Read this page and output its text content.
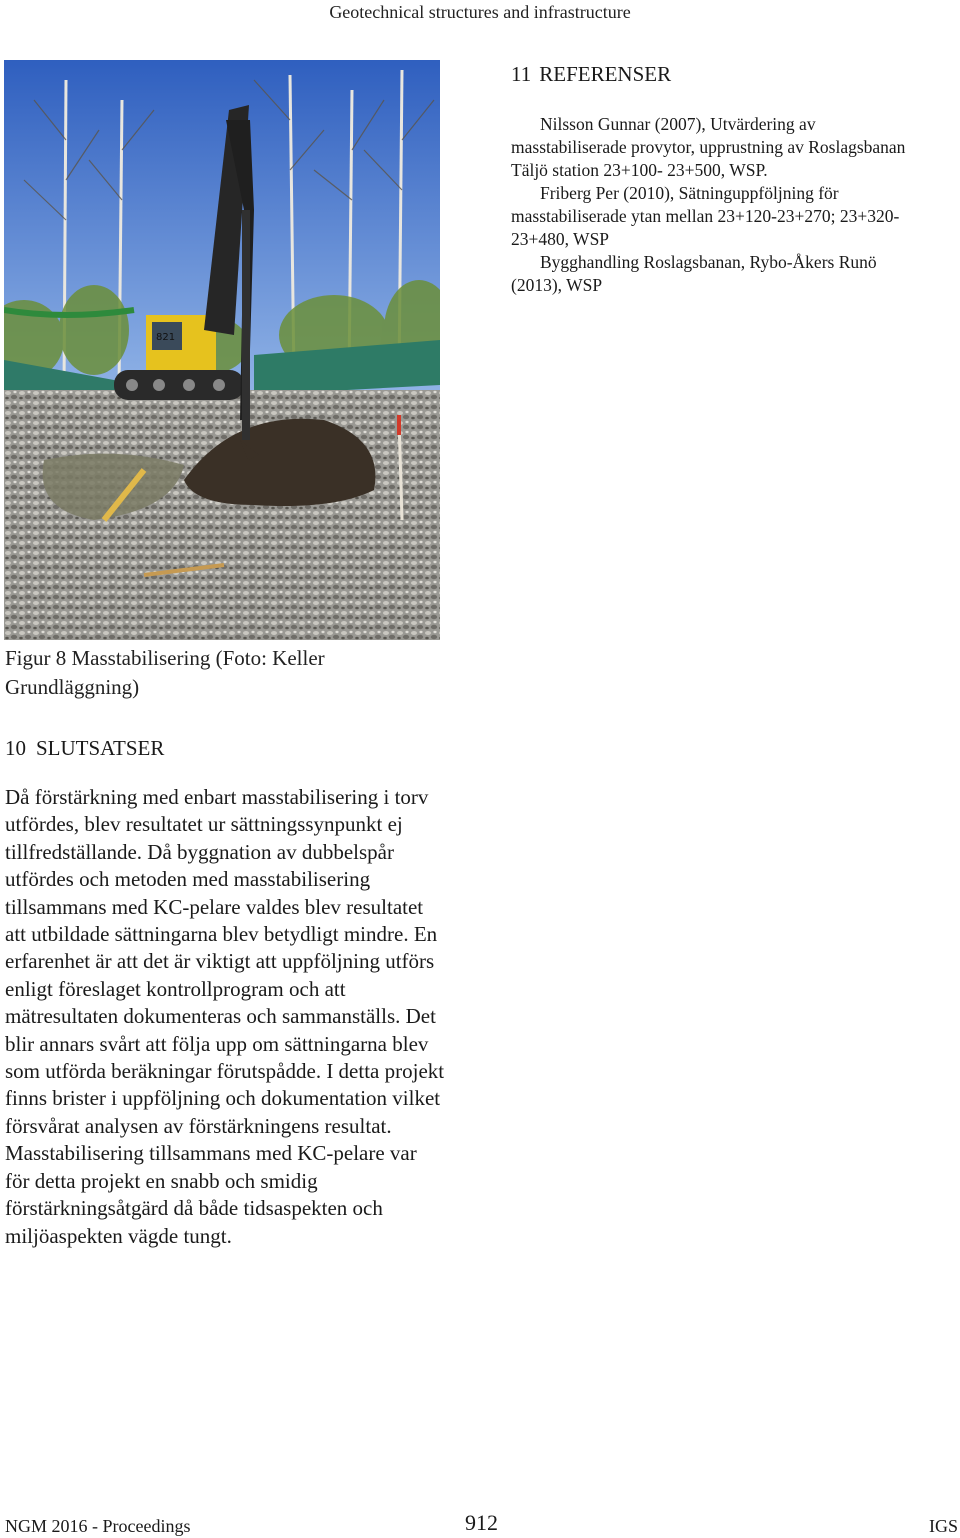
Geotechnical structures and infrastructure
821
Figur 8 Masstabilisering (Foto: Keller Grundläggning)
10 SLUTSATSER

Då förstärkning med enbart masstabilisering i torv utfördes, blev resultatet ur sättningssynpunkt ej tillfredställande. Då byggnation av dubbelspår utfördes och metoden med masstabilisering tillsammans med KC-pelare valdes blev resultatet att utbildade sättningarna blev betydligt mindre. En erfarenhet är att det är viktigt att uppföljning utförs enligt föreslaget kontrollprogram och att mätresultaten dokumenteras och sammanställs. Det blir annars svårt att följa upp om sättningarna blev som utförda beräkningar förutspådde. I detta projekt finns brister i uppföljning och dokumentation vilket försvårat analysen av förstärkningens resultat.

Masstabilisering tillsammans med KC-pelare var för detta projekt en snabb och smidig förstärkningsåtgärd då både tidsaspekten och miljöaspekten vägde tungt.

11 REFERENSER

Nilsson Gunnar (2007), Utvärdering av masstabiliserade provytor, upprustning av Roslagsbanan Täljö station 23+100- 23+500, WSP.

Friberg Per (2010), Sätninguppföljning för masstabiliserade ytan mellan 23+120-23+270; 23+320-23+480, WSP

Bygghandling Roslagsbanan, Rybo-Åkers Runö (2013), WSP

NGM 2016 - Proceedings	912	IGS
